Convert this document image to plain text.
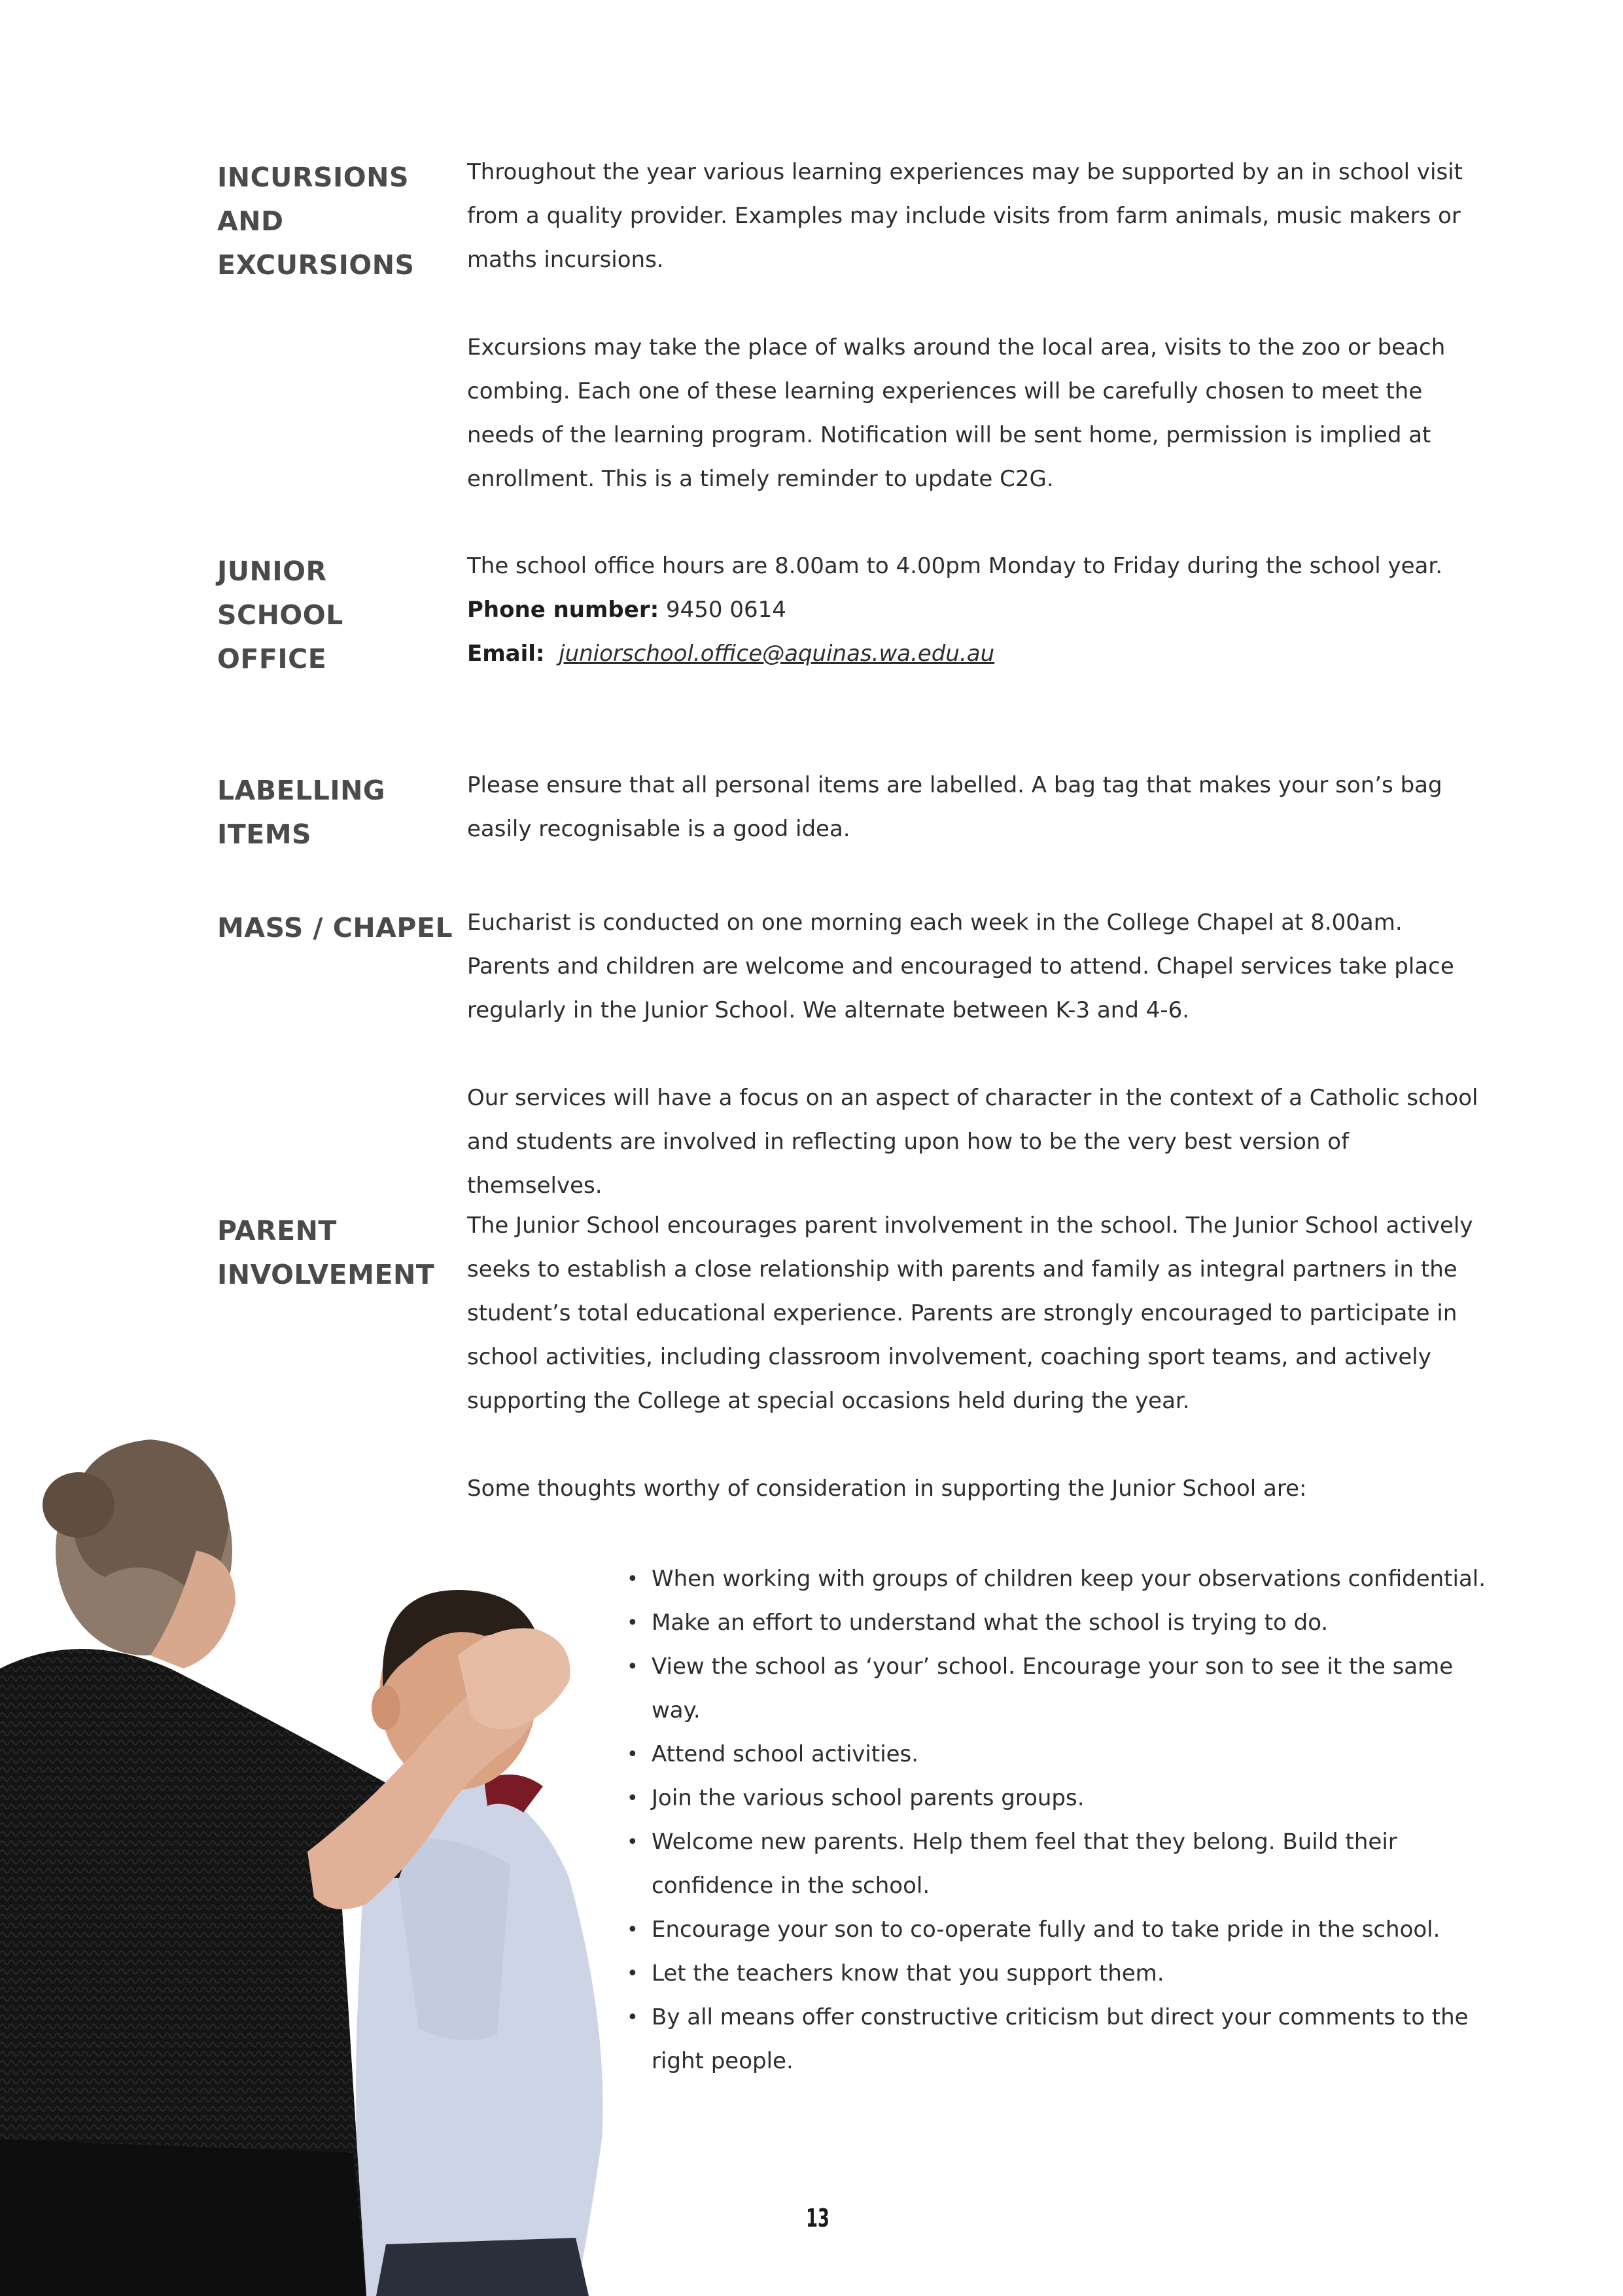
INCURSIONS AND EXCURSIONS

Throughout the year various learning experiences may be supported by an in school visit from a quality provider. Examples may include visits from farm animals, music makers or maths incursions.

Excursions may take the place of walks around the local area, visits to the zoo or beach combing. Each one of these learning experiences will be carefully chosen to meet the needs of the learning program. Notification will be sent home, permission is implied at enrollment. This is a timely reminder to update C2G.

JUNIOR SCHOOL OFFICE

The school office hours are 8.00am to 4.00pm Monday to Friday during the school year.

Phone number: 9450 0614

Email: juniorschool.office@aquinas.wa.edu.au

LABELLING ITEMS

Please ensure that all personal items are labelled. A bag tag that makes your son’s bag easily recognisable is a good idea.

MASS / CHAPEL Eucharist is conducted on one morning each week in the College Chapel at 8.00am. Parents and children are welcome and encouraged to attend. Chapel services take place regularly in the Junior School. We alternate between K-3 and 4-6.

Our services will have a focus on an aspect of character in the context of a Catholic school and students are involved in reflecting upon how to be the very best version of themselves.

PARENT INVOLVEMENT

The Junior School encourages parent involvement in the school. The Junior School actively seeks to establish a close relationship with parents and family as integral partners in the student’s total educational experience. Parents are strongly encouraged to participate in school activities, including classroom involvement, coaching sport teams, and actively supporting the College at special occasions held during the year.

Some thoughts worthy of consideration in supporting the Junior School are:

• When working with groups of children keep your observations confidential.
• Make an effort to understand what the school is trying to do.
• View the school as ‘your’ school. Encourage your son to see it the same way.
• Attend school activities.
• Join the various school parents groups.
• Welcome new parents. Help them feel that they belong. Build their confidence in the school.
• Encourage your son to co-operate fully and to take pride in the school.
• Let the teachers know that you support them.
• By all means offer constructive criticism but direct your comments to the right people.
13
